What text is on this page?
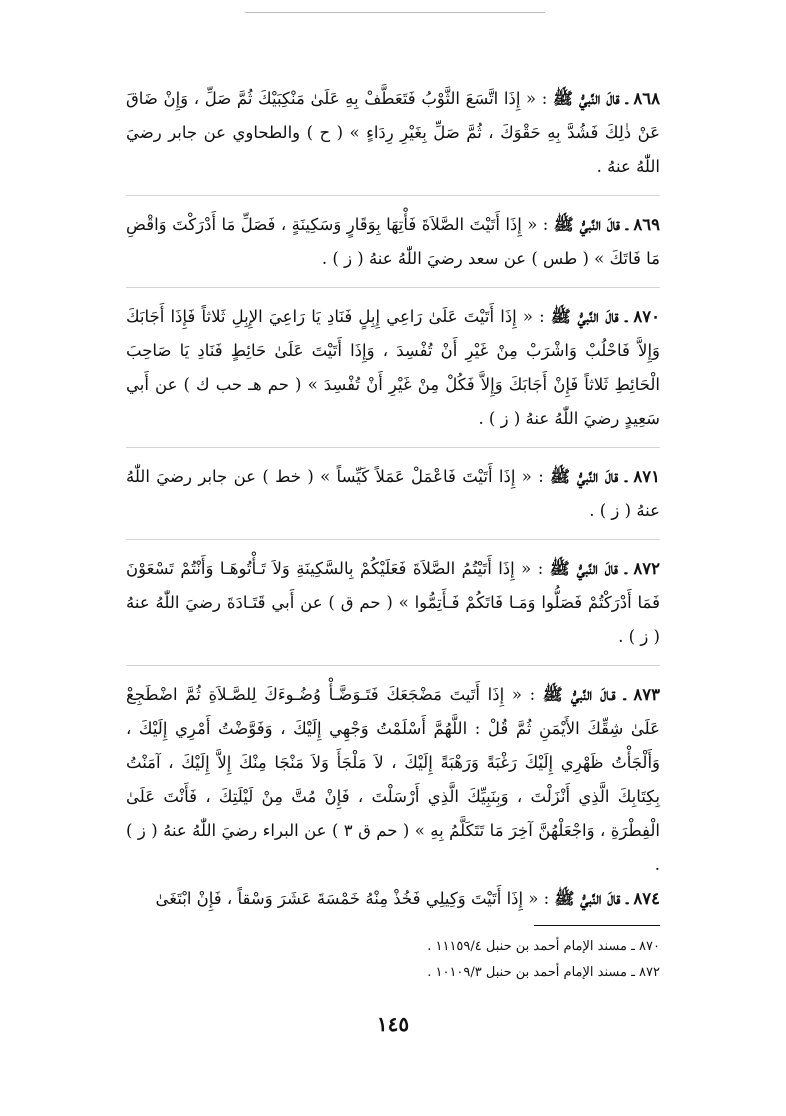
٨٦٨ ـ قالَ النَّبيُّ ﷺ : « إِذَا اتَّسَعَ الثَّوْبُ فَتَعَطَّفْ بِهِ عَلَىٰ مَنْكِبَيْكَ ثُمَّ صَلِّ ، وَإِنْ ضَاقَ عَنْ ذٰلِكَ فَشُدَّ بِهِ حَقْوَكَ ، ثُمَّ صَلِّ بِغَيْرِ رِدَاءٍ » ( ح ) والطحاوي عن جابر رضيَ اللّٰهُ عنهُ .

٨٦٩ ـ قالَ النَّبيُّ ﷺ : « إِذَا أَتَيْتَ الصَّلاَةَ فَأْتِهَا بِوَقَارٍ وَسَكِينَةٍ ، فَصَلِّ مَا أَدْرَكْتَ وَاقْضِ مَا فَاتَكَ » ( طس ) عن سعد رضيَ اللّٰهُ عنهُ ( ز ) .

٨٧٠ ـ قالَ النَّبيُّ ﷺ : « إِذَا أَتَيْتَ عَلَىٰ رَاعِي إِبِلٍ فَنَادِ يَا رَاعِيَ الإِبِلِ ثَلاثاً فَإِذَا أَجَابَكَ وَإِلاَّ فَاحْلُبْ وَاشْرَبْ مِنْ غَيْرِ أَنْ تُفْسِدَ ، وَإِذَا أَتَيْتَ عَلَىٰ حَائِطٍ فَنَادِ يَا صَاحِبَ الْحَائِطِ ثَلاثاً فَإِنْ أَجَابَكَ وَإِلاَّ فَكُلْ مِنْ غَيْرِ أَنْ تُفْسِدَ » ( حم هـ حب ك ) عن أَبي سَعِيدٍ رضيَ اللّٰهُ عنهُ ( ز ) .

٨٧١ ـ قالَ النَّبيُّ ﷺ : « إِذَا أَتَيْتَ فَاعْمَلْ عَمَلاً كَيِّساً » ( خط ) عن جابر رضيَ اللّٰهُ عنهُ ( ز ) .

٨٧٢ ـ قالَ النَّبيُّ ﷺ : « إِذَا أَتَيْتُمُ الصَّلاَةَ فَعَلَيْكُمْ بِالسَّكِينَةِ وَلاَ تَـأْتُوهَـا وَأَنْتُمْ تَسْعَوْنَ فَمَا أَدْرَكْتُمْ فَصَلُّوا وَمَـا فَاتَكُمْ فَـأَتِمُّوا » ( حم ق ) عن أَبي قَتَـادَةَ رضيَ اللّٰهُ عنهُ ( ز ) .

٨٧٣ ـ قـالَ النَّبيُّ ﷺ : « إِذَا أَتَيتَ مَضْجَعَكَ فَتَـوَضَّـأْ وُضُـوءَكَ لِلصَّـلاَةِ ثُمَّ اضْطَجِعْ عَلَىٰ شِقِّكَ الأَيْمَنِ ثُمَّ قُلْ : اللَّهُمَّ أَسْلَمْتُ وَجْهِي إِلَيْكَ ، وَفَوَّضْتُ أَمْرِي إِلَيْكَ ، وَأَلْجَأْتُ ظَهْرِي إِلَيْكَ رَغْبَةً وَرَهْبَةً إِلَيْكَ ، لاَ مَلْجَأَ وَلاَ مَنْجَا مِنْكَ إِلاَّ إِلَيْكَ ، آمَنْتُ بِكِتَابِكَ الَّذِي أَنْزَلْتَ ، وَبِنَبِيِّكَ الَّذِي أَرْسَلْتَ ، فَإِنْ مُتَّ مِنْ لَيْلَتِكَ ، فَأَنْتَ عَلَىٰ الْفِطْرَةِ ، وَاجْعَلْهُنَّ آخِرَ مَا تَتَكَلَّمُ بِهِ » ( حم ق ٣ ) عن البراء رضيَ اللّٰهُ عنهُ ( ز ) .

٨٧٤ ـ قالَ النَّبيُّ ﷺ : « إِذَا أَتَيْتَ وَكِيلِي فَخُذْ مِنْهُ خَمْسَةَ عَشَرَ وَسْقاً ، فَإِنْ ابْتَغَىٰ

٨٧٠ ـ مسند الإمام أحمد بن حنبل ١١١٥٩/٤ .
٨٧٢ ـ مسند الإمام أحمد بن حنبل ١٠١٠٩/٣ .
١٤٥
